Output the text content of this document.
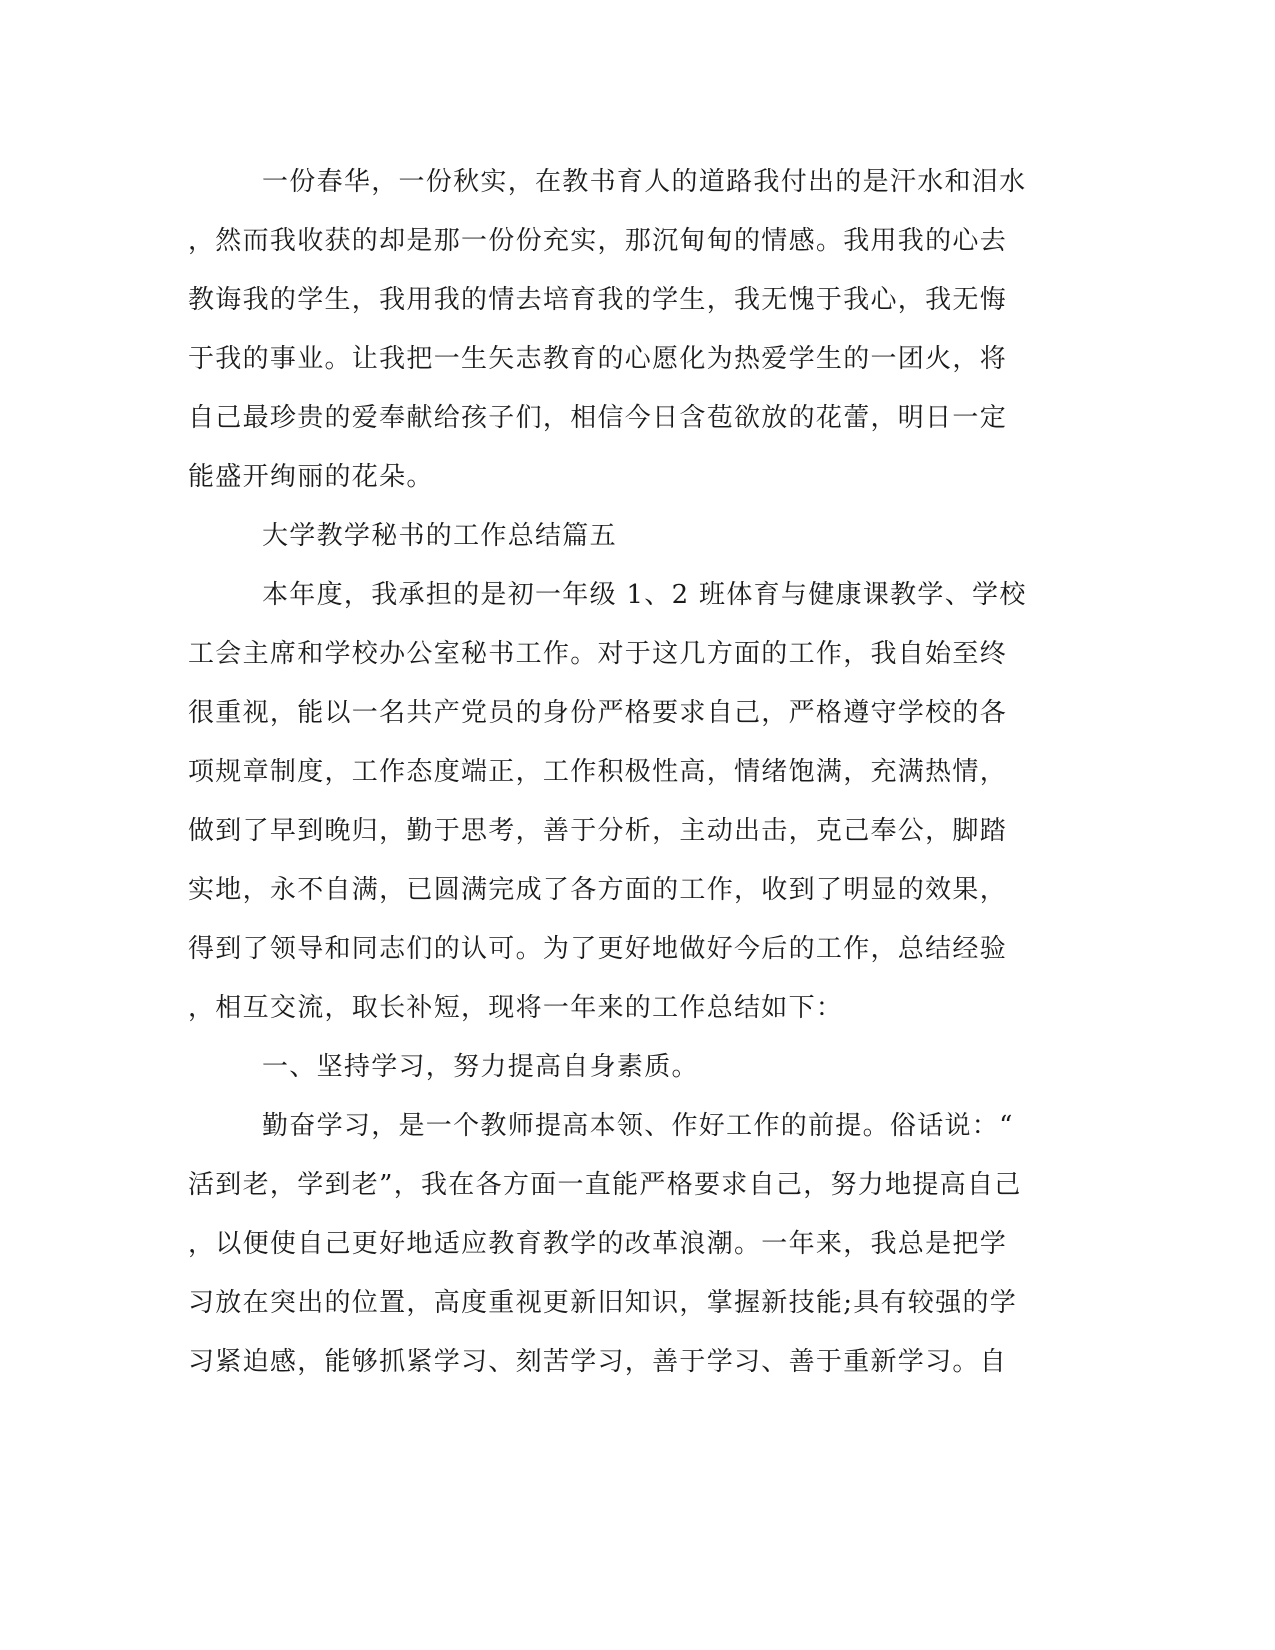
一份春华，一份秋实，在教书育人的道路我付出的是汗水和泪水

，然而我收获的却是那一份份充实，那沉甸甸的情感。我用我的心去

教诲我的学生，我用我的情去培育我的学生，我无愧于我心，我无悔

于我的事业。让我把一生矢志教育的心愿化为热爱学生的一团火，将

自己最珍贵的爱奉献给孩子们，相信今日含苞欲放的花蕾，明日一定

能盛开绚丽的花朵。

大学教学秘书的工作总结篇五

本年度，我承担的是初一年级 1、2 班体育与健康课教学、学校

工会主席和学校办公室秘书工作。对于这几方面的工作，我自始至终

很重视，能以一名共产党员的身份严格要求自己，严格遵守学校的各

项规章制度，工作态度端正，工作积极性高，情绪饱满，充满热情，

做到了早到晚归，勤于思考，善于分析，主动出击，克己奉公，脚踏

实地，永不自满，已圆满完成了各方面的工作，收到了明显的效果，

得到了领导和同志们的认可。为了更好地做好今后的工作，总结经验

，相互交流，取长补短，现将一年来的工作总结如下：

一、坚持学习，努力提高自身素质。

勤奋学习，是一个教师提高本领、作好工作的前提。俗话说：“

活到老，学到老”，我在各方面一直能严格要求自己，努力地提高自己

，以便使自己更好地适应教育教学的改革浪潮。一年来，我总是把学

习放在突出的位置，高度重视更新旧知识，掌握新技能;具有较强的学

习紧迫感，能够抓紧学习、刻苦学习，善于学习、善于重新学习。自
